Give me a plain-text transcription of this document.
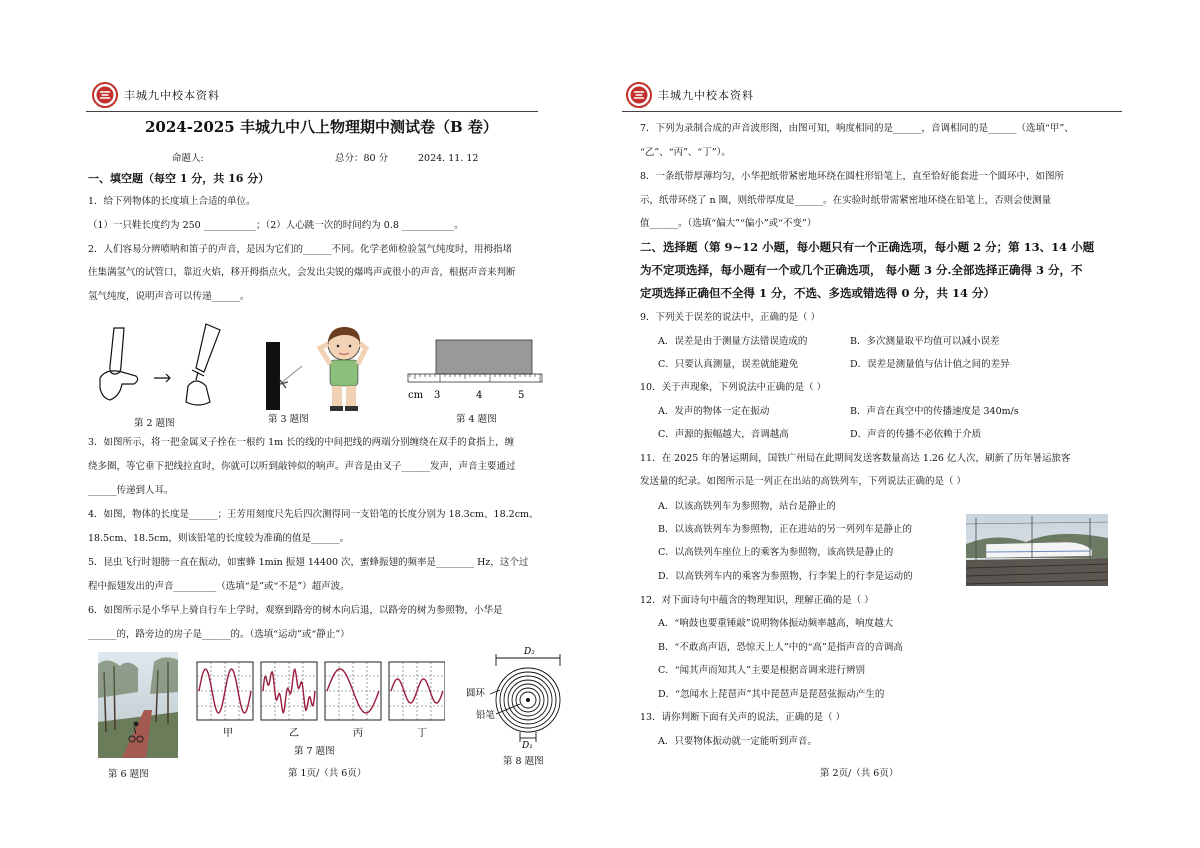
丰城九中校本资料
2024-2025 丰城九中八上物理期中测试卷（B 卷）
命题人:	总分：80 分	2024. 11. 12
一、填空题（每空 1 分，共 16 分）
1．给下列物体的长度填上合适的单位。
（1）一只鞋长度约为 250 ___________；（2）人心跳一次的时间约为 0.8 ___________。
2．人们容易分辨喷呐和笛子的声音，是因为它们的______不同。化学老师检验氢气纯度时，用拇指堵
住集满氢气的试管口，靠近火焰，移开拇指点火，会发出尖锐的爆鸣声或很小的声音，根据声音来判断
氢气纯度，说明声音可以传递______。
第 2 题图	第 3 题图
cm 3	4	5
第 4 题图
3．如图所示，将一把金属叉子拴在一根约 1m 长的线的中间把线的两端分别缠绕在双手的食指上，缠
绕多圈，等它垂下把线拉直时，你就可以听到敲钟似的响声。声音是由叉子______发声，声音主要通过
______传递到人耳。
4．如图，物体的长度是______；王芳用刻度尺先后四次测得同一支铅笔的长度分别为 18.3cm、18.2cm、
18.5cm、18.5cm，则该铅笔的长度较为准确的值是______。
5．昆虫飞行时翅膀一直在振动，如蜜蜂 1min 振翅 14400 次，蜜蜂振翅的频率是________ Hz，这个过
程中振翅发出的声音_________（选填“是”或“不是”）超声波。
6．如图所示是小华早上骑自行车上学时，观察到路旁的树木向后退，以路旁的树为参照物，小华是
______的，路旁边的房子是______的。（选填“运动”或“静止”）
第 6 题图
甲	乙	丙	丁
第 7 题图
D₂
圆环
铅笔
D₁
第 8 题图
第 1页/（共 6页）
丰城九中校本资料
7．下列为录制合成的声音波形图，由图可知，响度相同的是______，音调相同的是______（选填“甲”、
“乙”、“丙”、“丁”）。
8．一条纸带厚薄均匀，小华把纸带紧密地环绕在圆柱形铅笔上，直至恰好能套进一个圆环中，如图所
示，纸带环绕了 n 圈，则纸带厚度是______。在实验时纸带需紧密地环绕在铅笔上，否则会使测量
值______。（选填“偏大”“偏小”或“不变”）
二、选择题（第 9~12 小题，每小题只有一个正确选项，每小题 2 分；第 13、14 小题
为不定项选择，每小题有一个或几个正确选项， 每小题 3 分.全部选择正确得 3 分，不
定项选择正确但不全得 1 分，不选、多选或错选得 0 分，共 14 分）
9．下列关于误差的说法中，正确的是（ ）
A．误差是由于测量方法错误造成的	B．多次测量取平均值可以减小误差
C．只要认真测量，误差就能避免	D．误差是测量值与估计值之间的差异
10．关于声现象，下列说法中正确的是（ ）
A．发声的物体一定在振动	B．声音在真空中的传播速度是 340m/s
C．声源的振幅越大，音调越高	D．声音的传播不必依赖于介质
11．在 2025 年的暑运期间，国铁广州局在此期间发送客数量高达 1.26 亿人次，刷新了历年暑运旅客
发送量的纪录。如图所示是一列正在出站的高铁列车，下列说法正确的是（ ）
A．以该高铁列车为参照物，站台是静止的
B．以该高铁列车为参照物，正在进站的另一列列车是静止的
C．以高铁列车座位上的乘客为参照物，该高铁是静止的
D．以高铁列车内的乘客为参照物，行李架上的行李是运动的
12．对下面诗句中蕴含的物理知识，理解正确的是（ ）
A．“响鼓也要重锤敲”说明物体振动频率越高，响度越大
B．“不敢高声语，恐惊天上人”中的“高”是指声音的音调高
C．“闻其声而知其人”主要是根据音调来进行辨别
D．“忽闻水上琵琶声”其中琵琶声是琵琶弦振动产生的
13．请你判断下面有关声的说法，正确的是（ ）
A．只要物体振动就一定能听到声音。
第 2页/（共 6页）
